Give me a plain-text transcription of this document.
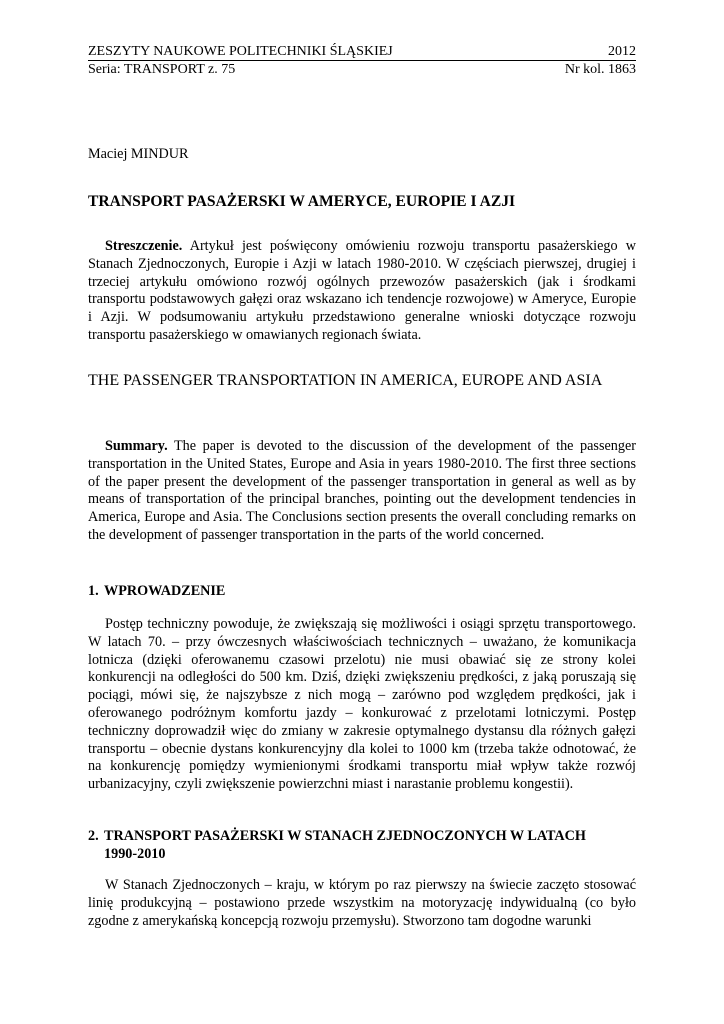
ZESZYTY NAUKOWE POLITECHNIKI ŚLĄSKIEJ	2012
Seria: TRANSPORT z. 75	Nr kol. 1863
Maciej MINDUR
TRANSPORT PASAŻERSKI W AMERYCE, EUROPIE I AZJI
Streszczenie. Artykuł jest poświęcony omówieniu rozwoju transportu pasażerskiego w Stanach Zjednoczonych, Europie i Azji w latach 1980-2010. W częściach pierwszej, drugiej i trzeciej artykułu omówiono rozwój ogólnych przewozów pasażerskich (jak i środkami transportu podstawowych gałęzi oraz wskazano ich tendencje rozwojowe) w Ameryce, Europie i Azji. W podsumowaniu artykułu przedstawiono generalne wnioski dotyczące rozwoju transportu pasażerskiego w omawianych regionach świata.
THE PASSENGER TRANSPORTATION IN AMERICA, EUROPE AND ASIA
Summary. The paper is devoted to the discussion of the development of the passenger transportation in the United States, Europe and Asia in years 1980-2010. The first three sections of the paper present the development of the passenger transportation in general as well as by means of transportation of the principal branches, pointing out the development tendencies in America, Europe and Asia. The Conclusions section presents the overall concluding remarks on the development of passenger transportation in the parts of the world concerned.
1. WPROWADZENIE
Postęp techniczny powoduje, że zwiększają się możliwości i osiągi sprzętu transportowego. W latach 70. – przy ówczesnych właściwościach technicznych – uważano, że komunikacja lotnicza (dzięki oferowanemu czasowi przelotu) nie musi obawiać się ze strony kolei konkurencji na odległości do 500 km. Dziś, dzięki zwiększeniu prędkości, z jaką poruszają się pociągi, mówi się, że najszybsze z nich mogą – zarówno pod względem prędkości, jak i oferowanego podróżnym komfortu jazdy – konkurować z przelotami lotniczymi. Postęp techniczny doprowadził więc do zmiany w zakresie optymalnego dystansu dla różnych gałęzi transportu – obecnie dystans konkurencyjny dla kolei to 1000 km (trzeba także odnotować, że na konkurencję pomiędzy wymienionymi środkami transportu miał wpływ także rozwój urbanizacyjny, czyli zwiększenie powierzchni miast i narastanie problemu kongestii).
2. TRANSPORT PASAŻERSKI W STANACH ZJEDNOCZONYCH W LATACH
1990-2010
W Stanach Zjednoczonych – kraju, w którym po raz pierwszy na świecie zaczęto stosować linię produkcyjną – postawiono przede wszystkim na motoryzację indywidualną (co było zgodne z amerykańską koncepcją rozwoju przemysłu). Stworzono tam dogodne warunki
